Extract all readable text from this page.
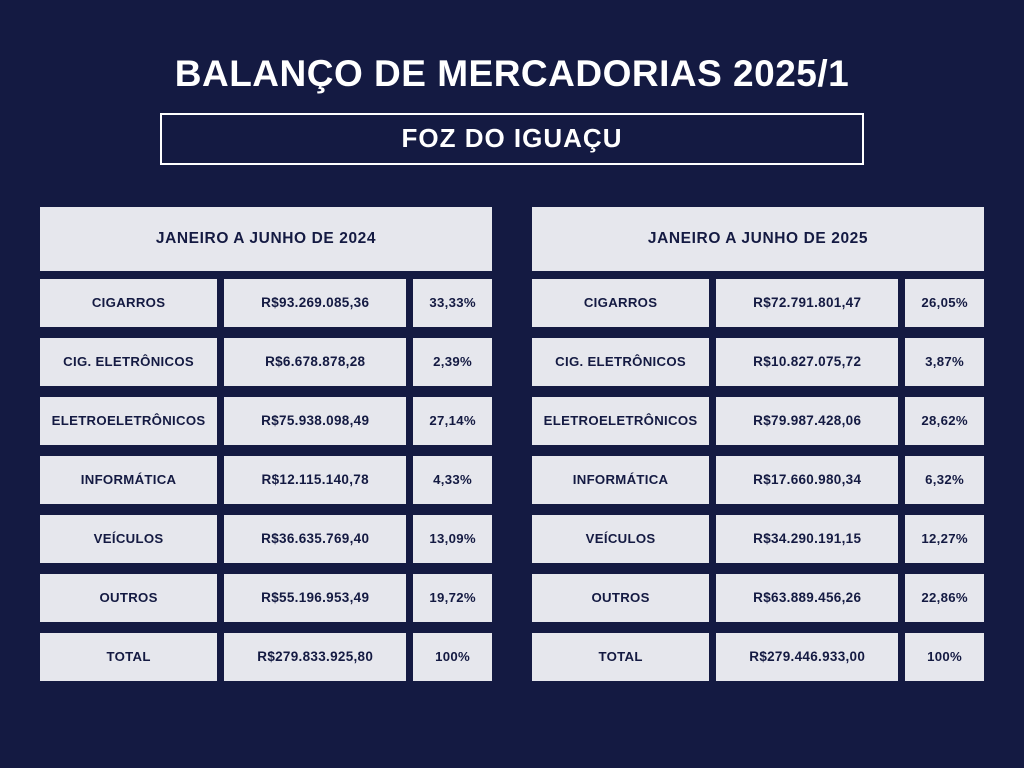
BALANÇO DE MERCADORIAS 2025/1
FOZ DO IGUAÇU
JANEIRO A JUNHO DE 2024
CIGARROS	R$93.269.085,36	33,33%
CIG. ELETRÔNICOS	R$6.678.878,28	2,39%
ELETROELETRÔNICOS	R$75.938.098,49	27,14%
INFORMÁTICA	R$12.115.140,78	4,33%
VEÍCULOS	R$36.635.769,40	13,09%
OUTROS	R$55.196.953,49	19,72%
TOTAL	R$279.833.925,80	100%
JANEIRO A JUNHO DE 2025
CIGARROS	R$72.791.801,47	26,05%
CIG. ELETRÔNICOS	R$10.827.075,72	3,87%
ELETROELETRÔNICOS	R$79.987.428,06	28,62%
INFORMÁTICA	R$17.660.980,34	6,32%
VEÍCULOS	R$34.290.191,15	12,27%
OUTROS	R$63.889.456,26	22,86%
TOTAL	R$279.446.933,00	100%
